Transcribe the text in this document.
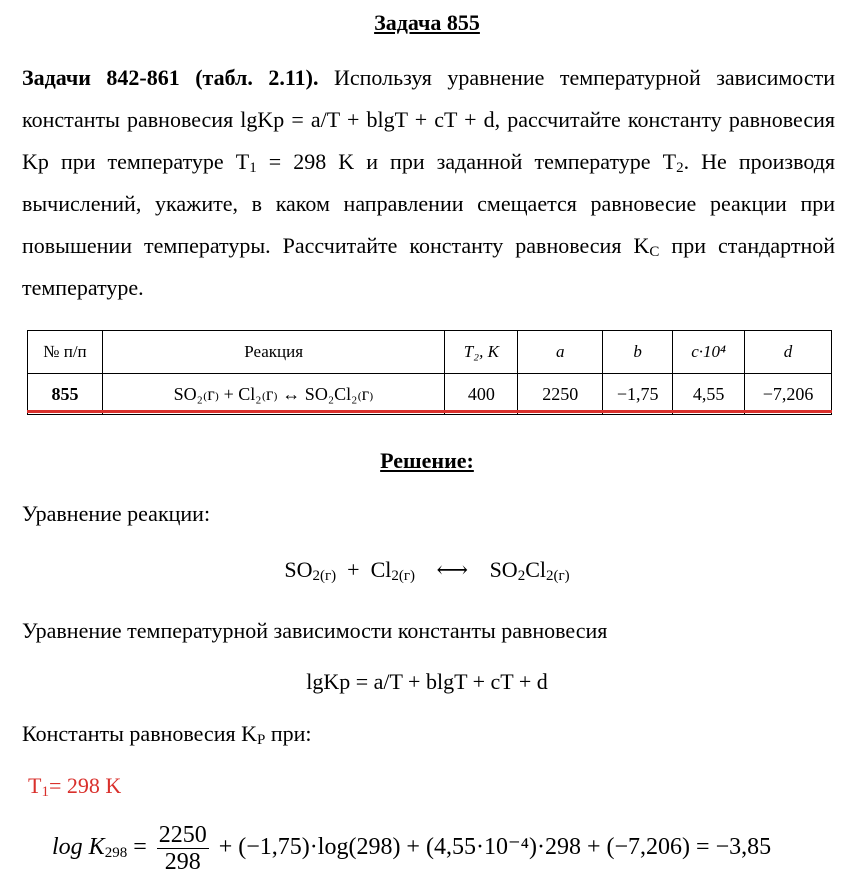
Задача 855

Задачи 842-861 (табл. 2.11). Используя уравнение температурной зависимости константы равновесия lgKp = a/T + blgT + cT + d, рассчитайте константу равновесия Kp при температуре $T_1 = 298$ K и при заданной температуре $T_2$. Не производя вычислений, укажите, в каком направлении смещается равновесие реакции при повышении температуры. Рассчитайте константу равновесия $K_C$ при стандартной температуре.

№ п/п	Реакция	T₂, K	a	b	c·10⁴	d
855	SO₂₍г₎ + Cl₂₍г₎ ↔ SO₂Cl₂₍г₎	400	2250	−1,75	4,55	−7,206
Решение:

Уравнение реакции:

$SO_{2(г)} + Cl_{2(г)}$ ⟷ $SO_2Cl_{2(г)}$

Уравнение температурной зависимости константы равновесия

lgKp = a/T + blgT + cT + d

Константы равновесия $K_P$ при:

$T_1= 298$ K

$\log K_{298} = \frac{2250}{298} + (-1,75)\cdot\log(298) + (4,55\cdot 10^{-4})\cdot 298 + (-7,206) = -3,85$
